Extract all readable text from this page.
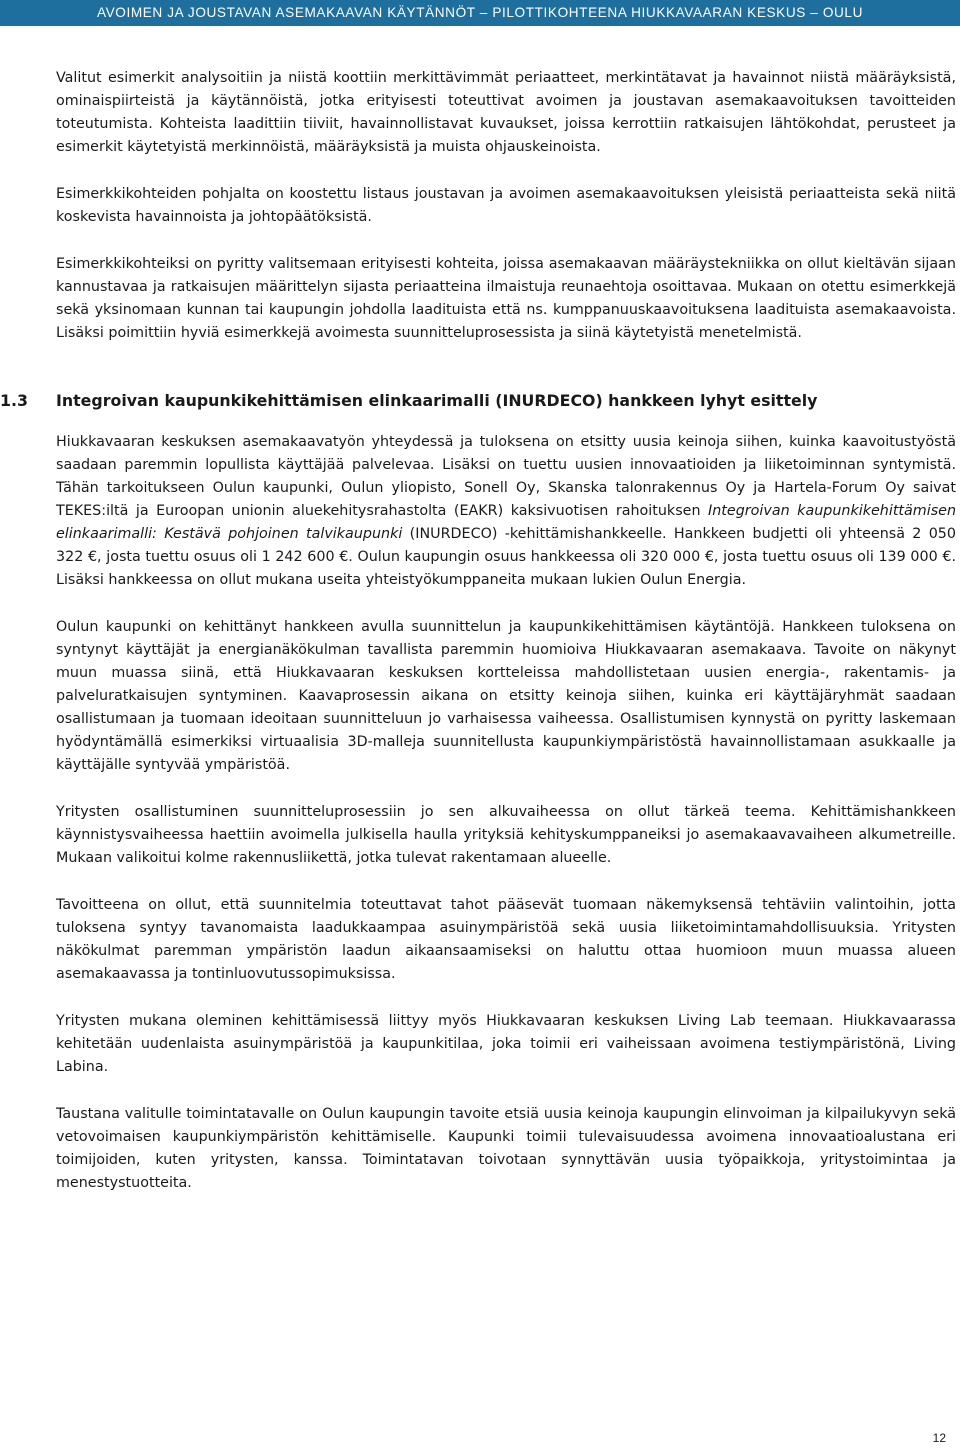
AVOIMEN JA JOUSTAVAN ASEMAKAAVAN KÄYTÄNNÖT – PILOTTIKOHTEENA HIUKKAVAARAN KESKUS – OULU

Valitut esimerkit analysoitiin ja niistä koottiin merkittävimmät periaatteet, merkintätavat ja havainnot niistä määräyksistä, ominaispiirteistä ja käytännöistä, jotka erityisesti toteuttivat avoimen ja joustavan asemakaavoituksen tavoitteiden toteutumista. Kohteista laadittiin tiiviit, havainnollistavat kuvaukset, joissa kerrottiin ratkaisujen lähtökohdat, perusteet ja esimerkit käytetyistä merkinnöistä, määräyksistä ja muista ohjauskeinoista.

Esimerkkikohteiden pohjalta on koostettu listaus joustavan ja avoimen asemakaavoituksen yleisistä periaatteista sekä niitä koskevista havainnoista ja johtopäätöksistä.

Esimerkkikohteiksi on pyritty valitsemaan erityisesti kohteita, joissa asemakaavan määräystekniikka on ollut kieltävän sijaan kannustavaa ja ratkaisujen määrittelyn sijasta periaatteina ilmaistuja reunaehtoja osoittavaa. Mukaan on otettu esimerkkejä sekä yksinomaan kunnan tai kaupungin johdolla laadituista että ns. kumppanuuskaavoituksena laadituista asemakaavoista. Lisäksi poimittiin hyviä esimerkkejä avoimesta suunnitteluprosessista ja siinä käytetyistä menetelmistä.

1.3	Integroivan kaupunkikehittämisen elinkaarimalli (INURDECO) hankkeen lyhyt esittely

Hiukkavaaran keskuksen asemakaavatyön yhteydessä ja tuloksena on etsitty uusia keinoja siihen, kuinka kaavoitustyöstä saadaan paremmin lopullista käyttäjää palvelevaa. Lisäksi on tuettu uusien innovaatioiden ja liiketoiminnan syntymistä. Tähän tarkoitukseen Oulun kaupunki, Oulun yliopisto, Sonell Oy, Skanska talonrakennus Oy ja Hartela-Forum Oy saivat TEKES:iltä ja Euroopan unionin aluekehitysrahastolta (EAKR) kaksivuotisen rahoituksen Integroivan kaupunkikehittämisen elinkaarimalli: Kestävä pohjoinen talvikaupunki (INURDECO) -kehittämishankkeelle. Hankkeen budjetti oli yhteensä 2 050 322 €, josta tuettu osuus oli 1 242 600 €. Oulun kaupungin osuus hankkeessa oli 320 000 €, josta tuettu osuus oli 139 000 €. Lisäksi hankkeessa on ollut mukana useita yhteistyökumppaneita mukaan lukien Oulun Energia.

Oulun kaupunki on kehittänyt hankkeen avulla suunnittelun ja kaupunkikehittämisen käytäntöjä. Hankkeen tuloksena on syntynyt käyttäjät ja energianäkökulman tavallista paremmin huomioiva Hiukkavaaran asemakaava. Tavoite on näkynyt muun muassa siinä, että Hiukkavaaran keskuksen kortteleissa mahdollistetaan uusien energia-, rakentamis- ja palveluratkaisujen syntyminen. Kaavaprosessin aikana on etsitty keinoja siihen, kuinka eri käyttäjäryhmät saadaan osallistumaan ja tuomaan ideoitaan suunnitteluun jo varhaisessa vaiheessa. Osallistumisen kynnystä on pyritty laskemaan hyödyntämällä esimerkiksi virtuaalisia 3D-malleja suunnitellusta kaupunkiympäristöstä havainnollistamaan asukkaalle ja käyttäjälle syntyvää ympäristöä.

Yritysten osallistuminen suunnitteluprosessiin jo sen alkuvaiheessa on ollut tärkeä teema. Kehittämishankkeen käynnistysvaiheessa haettiin avoimella julkisella haulla yrityksiä kehityskumppaneiksi jo asemakaavavaiheen alkumetreille. Mukaan valikoitui kolme rakennusliikettä, jotka tulevat rakentamaan alueelle.

Tavoitteena on ollut, että suunnitelmia toteuttavat tahot pääsevät tuomaan näkemyksensä tehtäviin valintoihin, jotta tuloksena syntyy tavanomaista laadukkaampaa asuinympäristöä sekä uusia liiketoimintamahdollisuuksia. Yritysten näkökulmat paremman ympäristön laadun aikaansaamiseksi on haluttu ottaa huomioon muun muassa alueen asemakaavassa ja tontinluovutussopimuksissa.

Yritysten mukana oleminen kehittämisessä liittyy myös Hiukkavaaran keskuksen Living Lab teemaan. Hiukkavaarassa kehitetään uudenlaista asuinympäristöä ja kaupunkitilaa, joka toimii eri vaiheissaan avoimena testiympäristönä, Living Labina.

Taustana valitulle toimintatavalle on Oulun kaupungin tavoite etsiä uusia keinoja kaupungin elinvoiman ja kilpailukyvyn sekä vetovoimaisen kaupunkiympäristön kehittämiselle. Kaupunki toimii tulevaisuudessa avoimena innovaatioalustana eri toimijoiden, kuten yritysten, kanssa. Toimintatavan toivotaan synnyttävän uusia työpaikkoja, yritystoimintaa ja menestystuotteita.

12
